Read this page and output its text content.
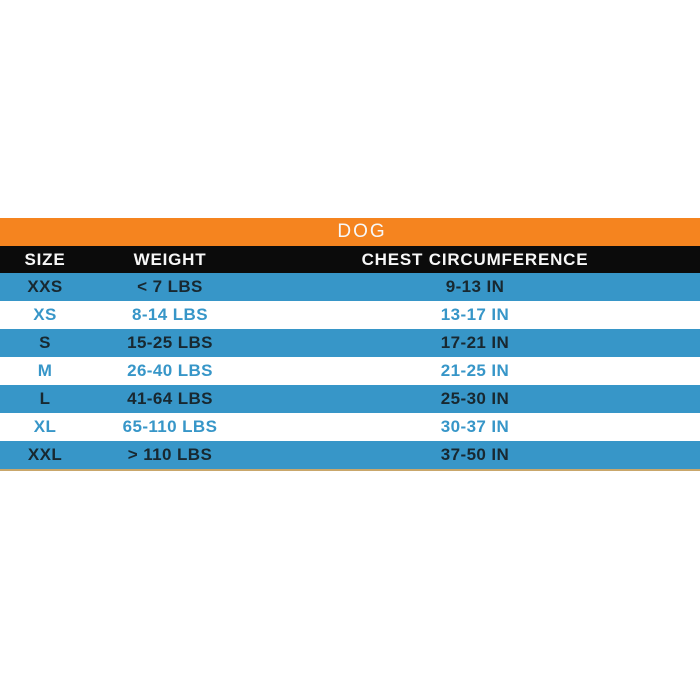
DOG
SIZE	WEIGHT	CHEST CIRCUMFERENCE
XXS	< 7 LBS	9-13 IN
XS	8-14 LBS	13-17 IN
S	15-25 LBS	17-21 IN
M	26-40 LBS	21-25 IN
L	41-64 LBS	25-30 IN
XL	65-110 LBS	30-37 IN
XXL	> 110 LBS	37-50 IN
